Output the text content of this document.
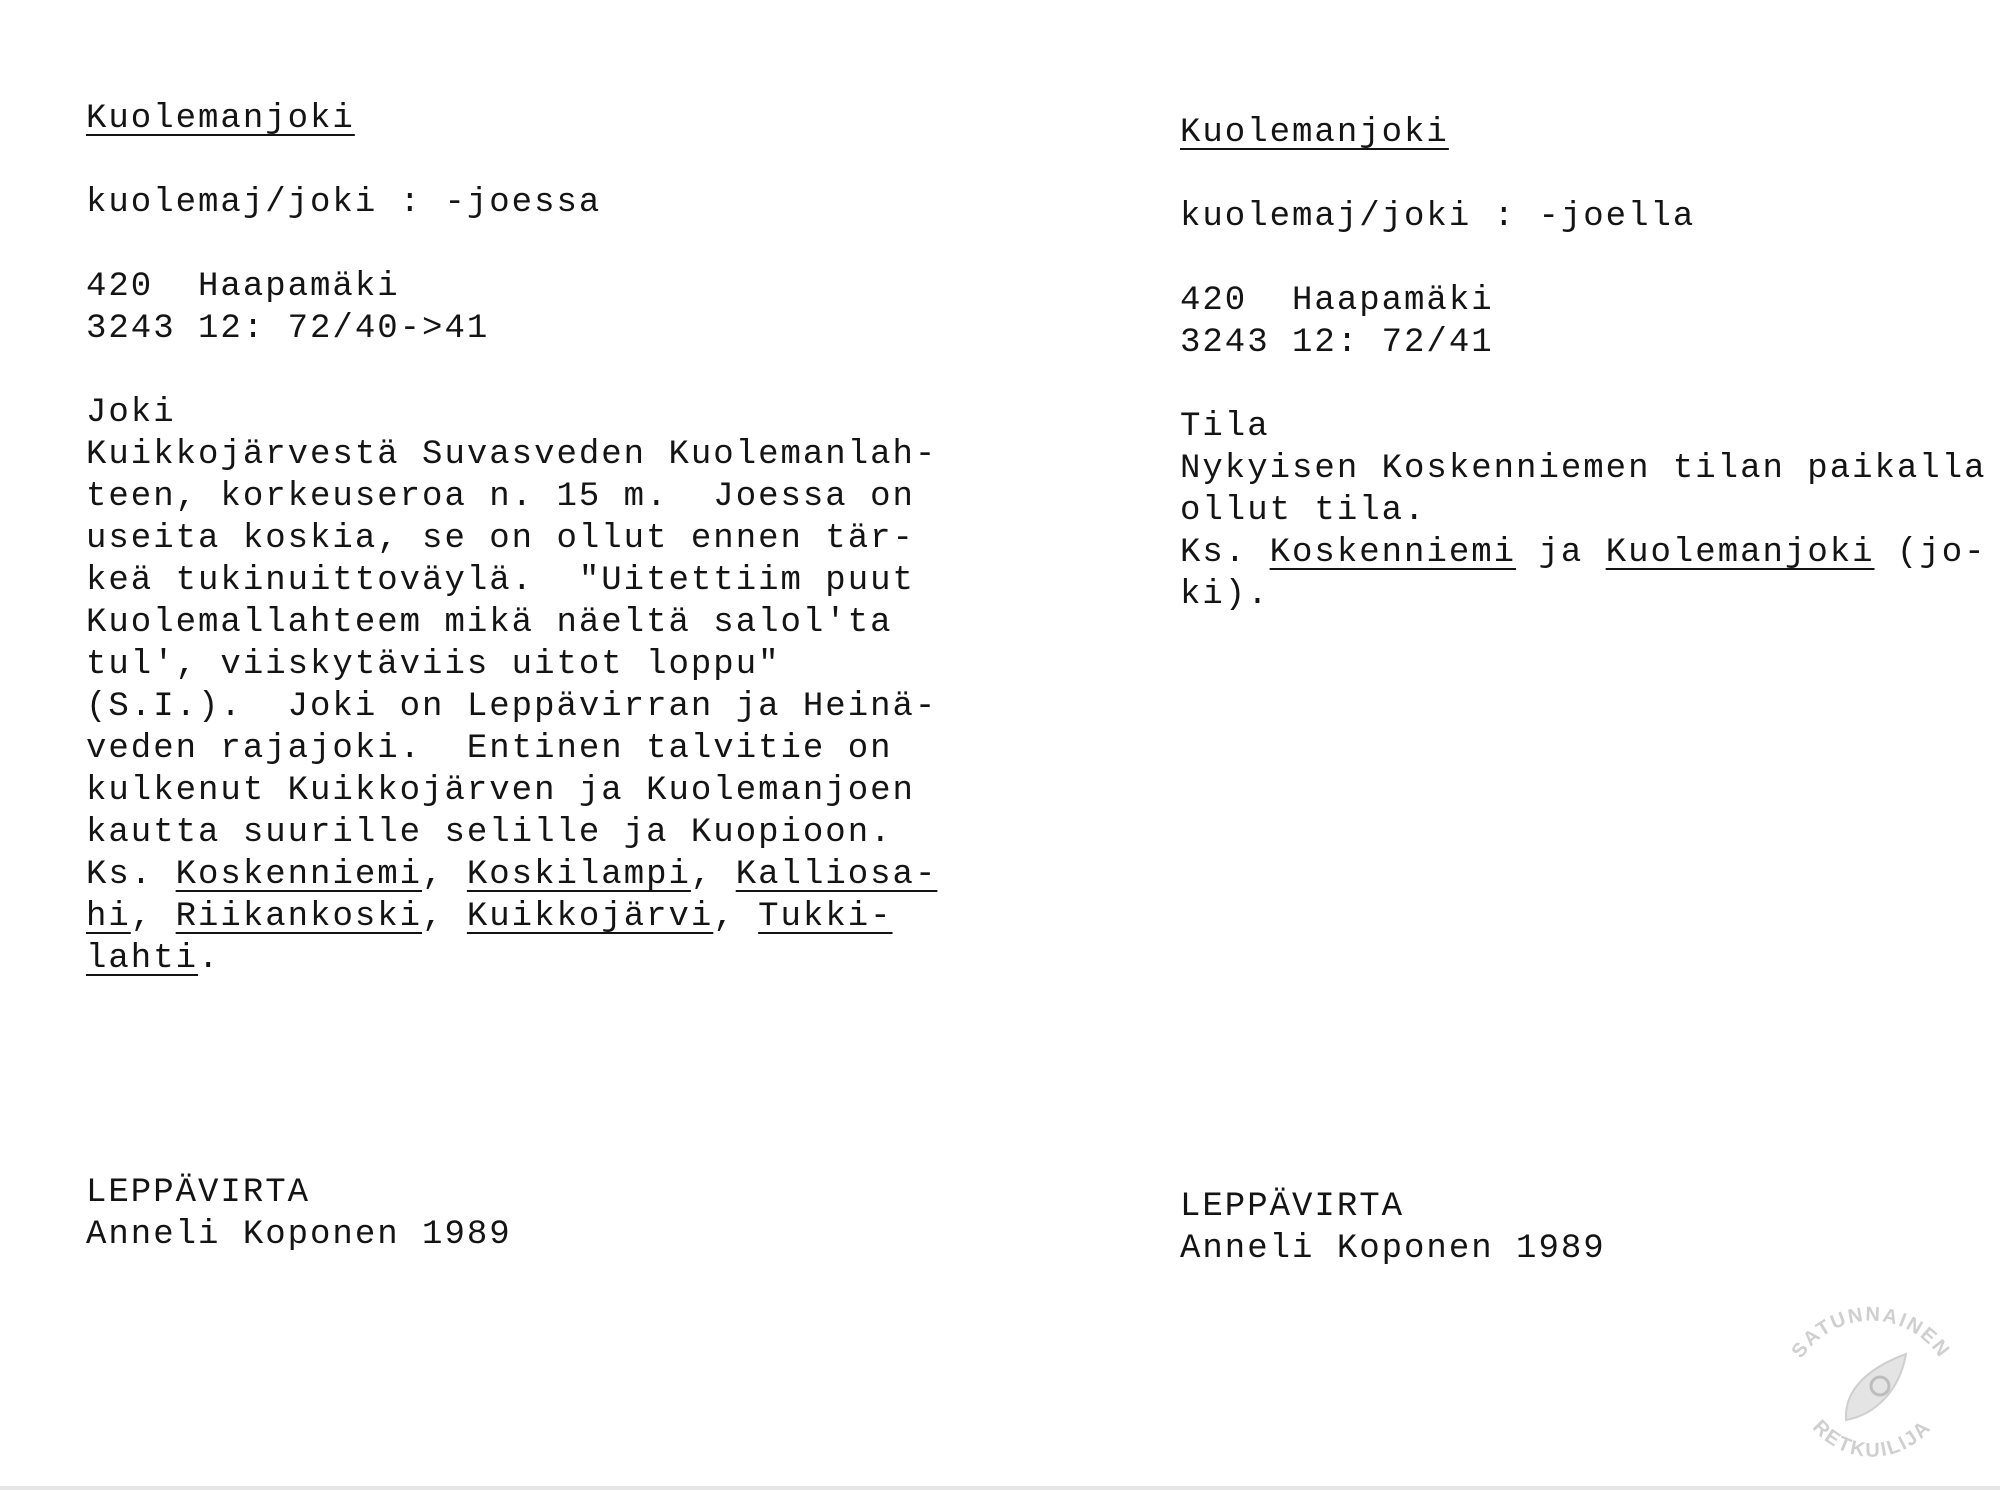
Kuolemanjoki
kuolemaj/joki : -joessa
420  Haapamäki
3243 12: 72/40->41
Joki
Kuikkojärvestä Suvasveden Kuolemanlah-
teen, korkeuseroa n. 15 m.  Joessa on
useita koskia, se on ollut ennen tär-
keä tukinuittoväylä.  "Uitettiim puut
Kuolemallahteem mikä näeltä salol'ta
tul', viiskytäviis uitot loppu"
(S.I.).  Joki on Leppävirran ja Heinä-
veden rajajoki.  Entinen talvitie on
kulkenut Kuikkojärven ja Kuolemanjoen
kautta suurille selille ja Kuopioon.
Ks. Koskenniemi, Koskilampi, Kalliosa-
hi, Riikankoski, Kuikkojärvi, Tukki-
lahti.
LEPPÄVIRTA
Anneli Koponen 1989
Kuolemanjoki
kuolemaj/joki : -joella
420  Haapamäki
3243 12: 72/41
Tila
Nykyisen Koskenniemen tilan paikalla
ollut tila.
Ks. Koskenniemi ja Kuolemanjoki (jo-
ki).
LEPPÄVIRTA
Anneli Koponen 1989
SATUNNAINEN
RETKUILIJA
